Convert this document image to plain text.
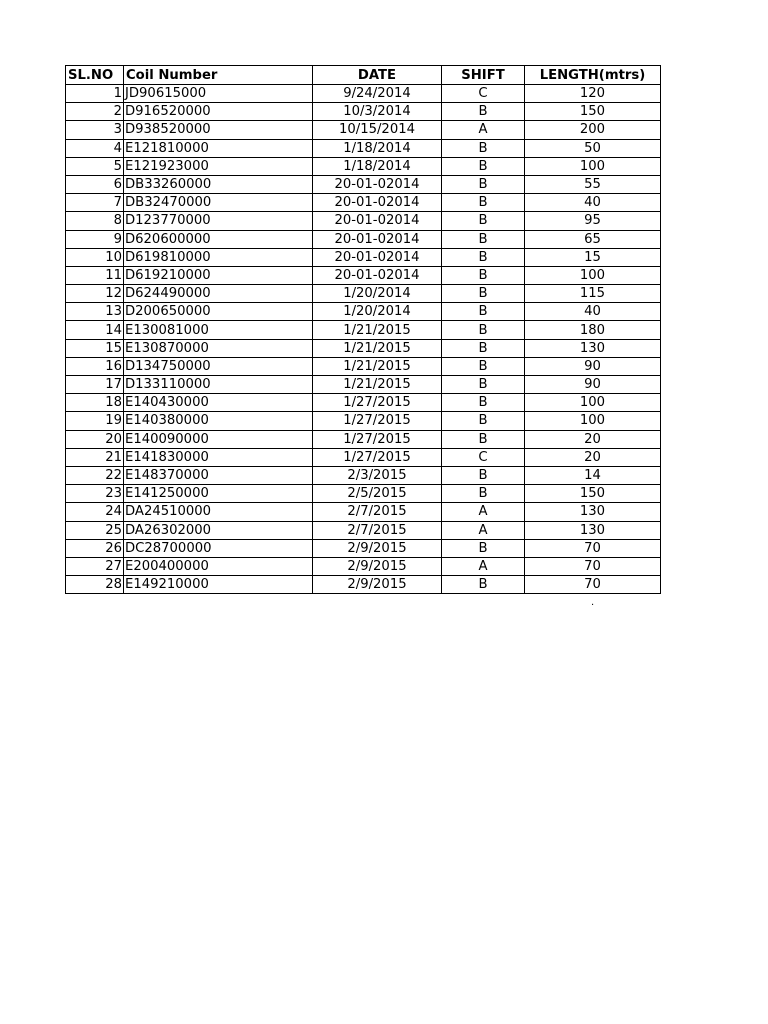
SL.NO	Coil Number	DATE	SHIFT	LENGTH(mtrs)
1	JD90615000	9/24/2014	C	120
2	D916520000	10/3/2014	B	150
3	D938520000	10/15/2014	A	200
4	E121810000	1/18/2014	B	50
5	E121923000	1/18/2014	B	100
6	DB33260000	20-01-02014	B	55
7	DB32470000	20-01-02014	B	40
8	D123770000	20-01-02014	B	95
9	D620600000	20-01-02014	B	65
10	D619810000	20-01-02014	B	15
11	D619210000	20-01-02014	B	100
12	D624490000	1/20/2014	B	115
13	D200650000	1/20/2014	B	40
14	E130081000	1/21/2015	B	180
15	E130870000	1/21/2015	B	130
16	D134750000	1/21/2015	B	90
17	D133110000	1/21/2015	B	90
18	E140430000	1/27/2015	B	100
19	E140380000	1/27/2015	B	100
20	E140090000	1/27/2015	B	20
21	E141830000	1/27/2015	C	20
22	E148370000	2/3/2015	B	14
23	E141250000	2/5/2015	B	150
24	DA24510000	2/7/2015	A	130
25	DA26302000	2/7/2015	A	130
26	DC28700000	2/9/2015	B	70
27	E200400000	2/9/2015	A	70
28	E149210000	2/9/2015	B	70
.
